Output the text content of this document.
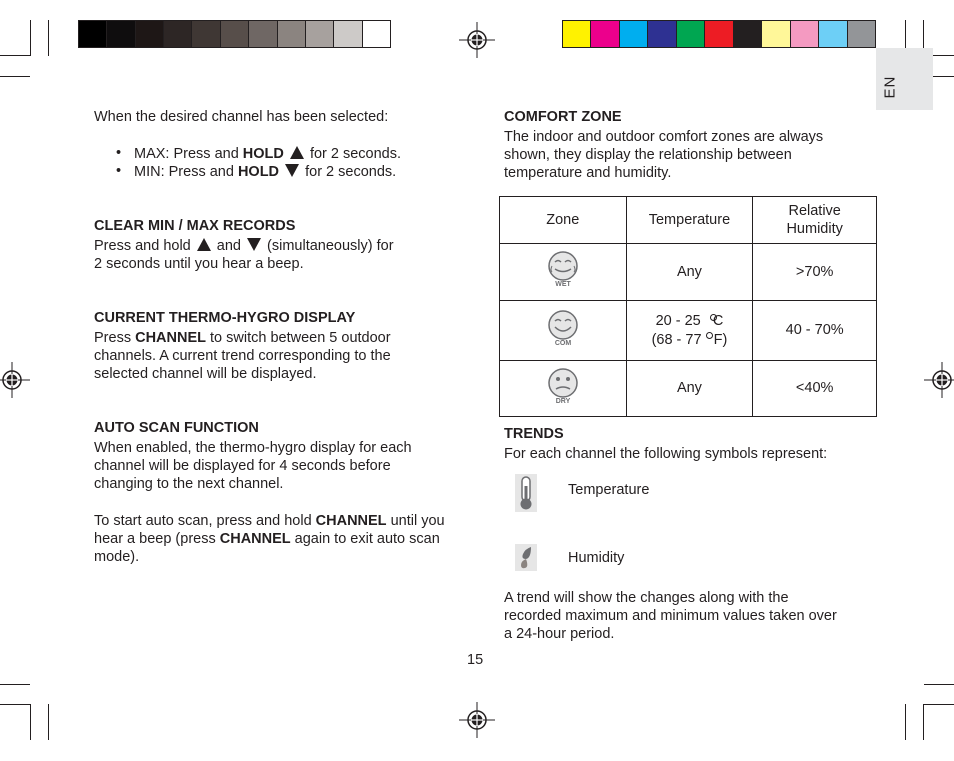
EN
When the desired channel has been selected:
• MAX: Press and HOLD  for 2 seconds.
• MIN: Press and HOLD  for 2 seconds.
CLEAR MIN / MAX RECORDS
Press and hold  and  (simultaneously) for
2 seconds until you hear a beep.
CURRENT THERMO-HYGRO DISPLAY
Press CHANNEL to switch between 5 outdoor
channels. A current trend corresponding to the
selected channel will be displayed.
AUTO SCAN FUNCTION
When enabled, the thermo-hygro display for each
channel will be displayed for 4 seconds before
changing to the next channel.
To start auto scan, press and hold CHANNEL until you
hear a beep (press CHANNEL again to exit auto scan
mode).
COMFORT ZONE
The indoor and outdoor comfort zones are always
shown, they display the relationship between
temperature and humidity.
Zone	Temperature	Relative
Humidity

WET	Any	>70%

COM	20 - 25   C
(68 - 77   F)	40 - 70%

DRY	Any	<40%
TRENDS
For each channel the following symbols represent:
Temperature
Humidity
A trend will show the changes along with the
recorded maximum and minimum values taken over
a 24-hour period.
15
